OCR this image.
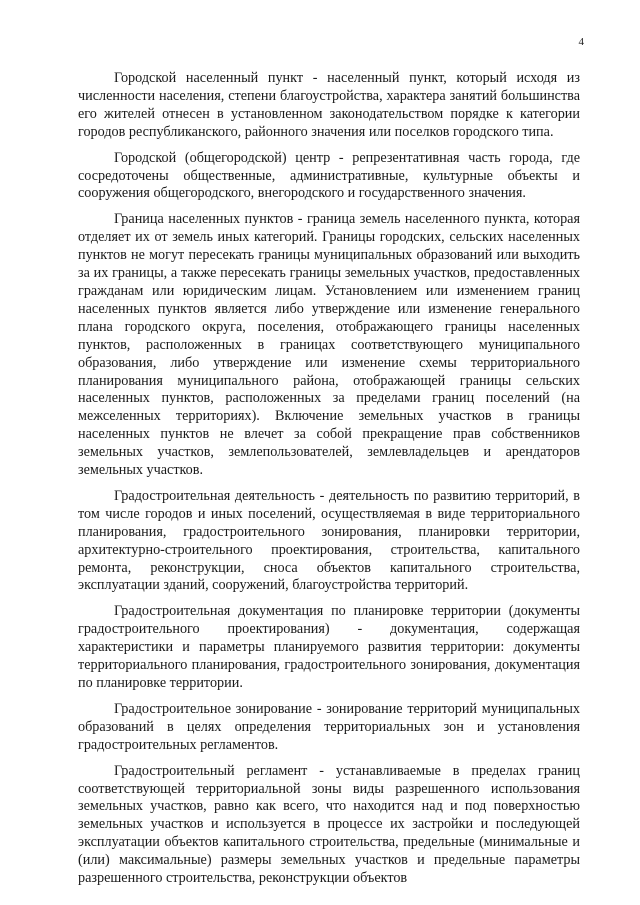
4

Городской населенный пункт - населенный пункт, который исходя из численности населения, степени благоустройства, характера занятий большинства его жителей отнесен в установленном законодательством порядке к категории городов республиканского, районного значения или поселков городского типа.

Городской (общегородской) центр - репрезентативная часть города, где сосредоточены общественные, административные, культурные объекты и сооружения общегородского, внегородского и государственного значения.

Граница населенных пунктов - граница земель населенного пункта, которая отделяет их от земель иных категорий. Границы городских, сельских населенных пунктов не могут пересекать границы муниципальных образований или выходить за их границы, а также пересекать границы земельных участков, предоставленных гражданам или юридическим лицам. Установлением или изменением границ населенных пунктов является либо утверждение или изменение генерального плана городского округа, поселения, отображающего границы населенных пунктов, расположенных в границах соответствующего муниципального образования, либо утверждение или изменение схемы территориального планирования муниципального района, отображающей границы сельских населенных пунктов, расположенных за пределами границ поселений (на межселенных территориях). Включение земельных участков в границы населенных пунктов не влечет за собой прекращение прав собственников земельных участков, землепользователей, землевладельцев и арендаторов земельных участков.

Градостроительная деятельность - деятельность по развитию территорий, в том числе городов и иных поселений, осуществляемая в виде территориального планирования, градостроительного зонирования, планировки территории, архитектурно-строительного проектирования, строительства, капитального ремонта, реконструкции, сноса объектов капитального строительства, эксплуатации зданий, сооружений, благоустройства территорий.

Градостроительная документация по планировке территории (документы градостроительного проектирования) - документация, содержащая характеристики и параметры планируемого развития территории: документы территориального планирования, градостроительного зонирования, документация по планировке территории.

Градостроительное зонирование - зонирование территорий муниципальных образований в целях определения территориальных зон и установления градостроительных регламентов.

Градостроительный регламент - устанавливаемые в пределах границ соответствующей территориальной зоны виды разрешенного использования земельных участков, равно как всего, что находится над и под поверхностью земельных участков и используется в процессе их застройки и последующей эксплуатации объектов капитального строительства, предельные (минимальные и (или) максимальные) размеры земельных участков и предельные параметры разрешенного строительства, реконструкции объектов
